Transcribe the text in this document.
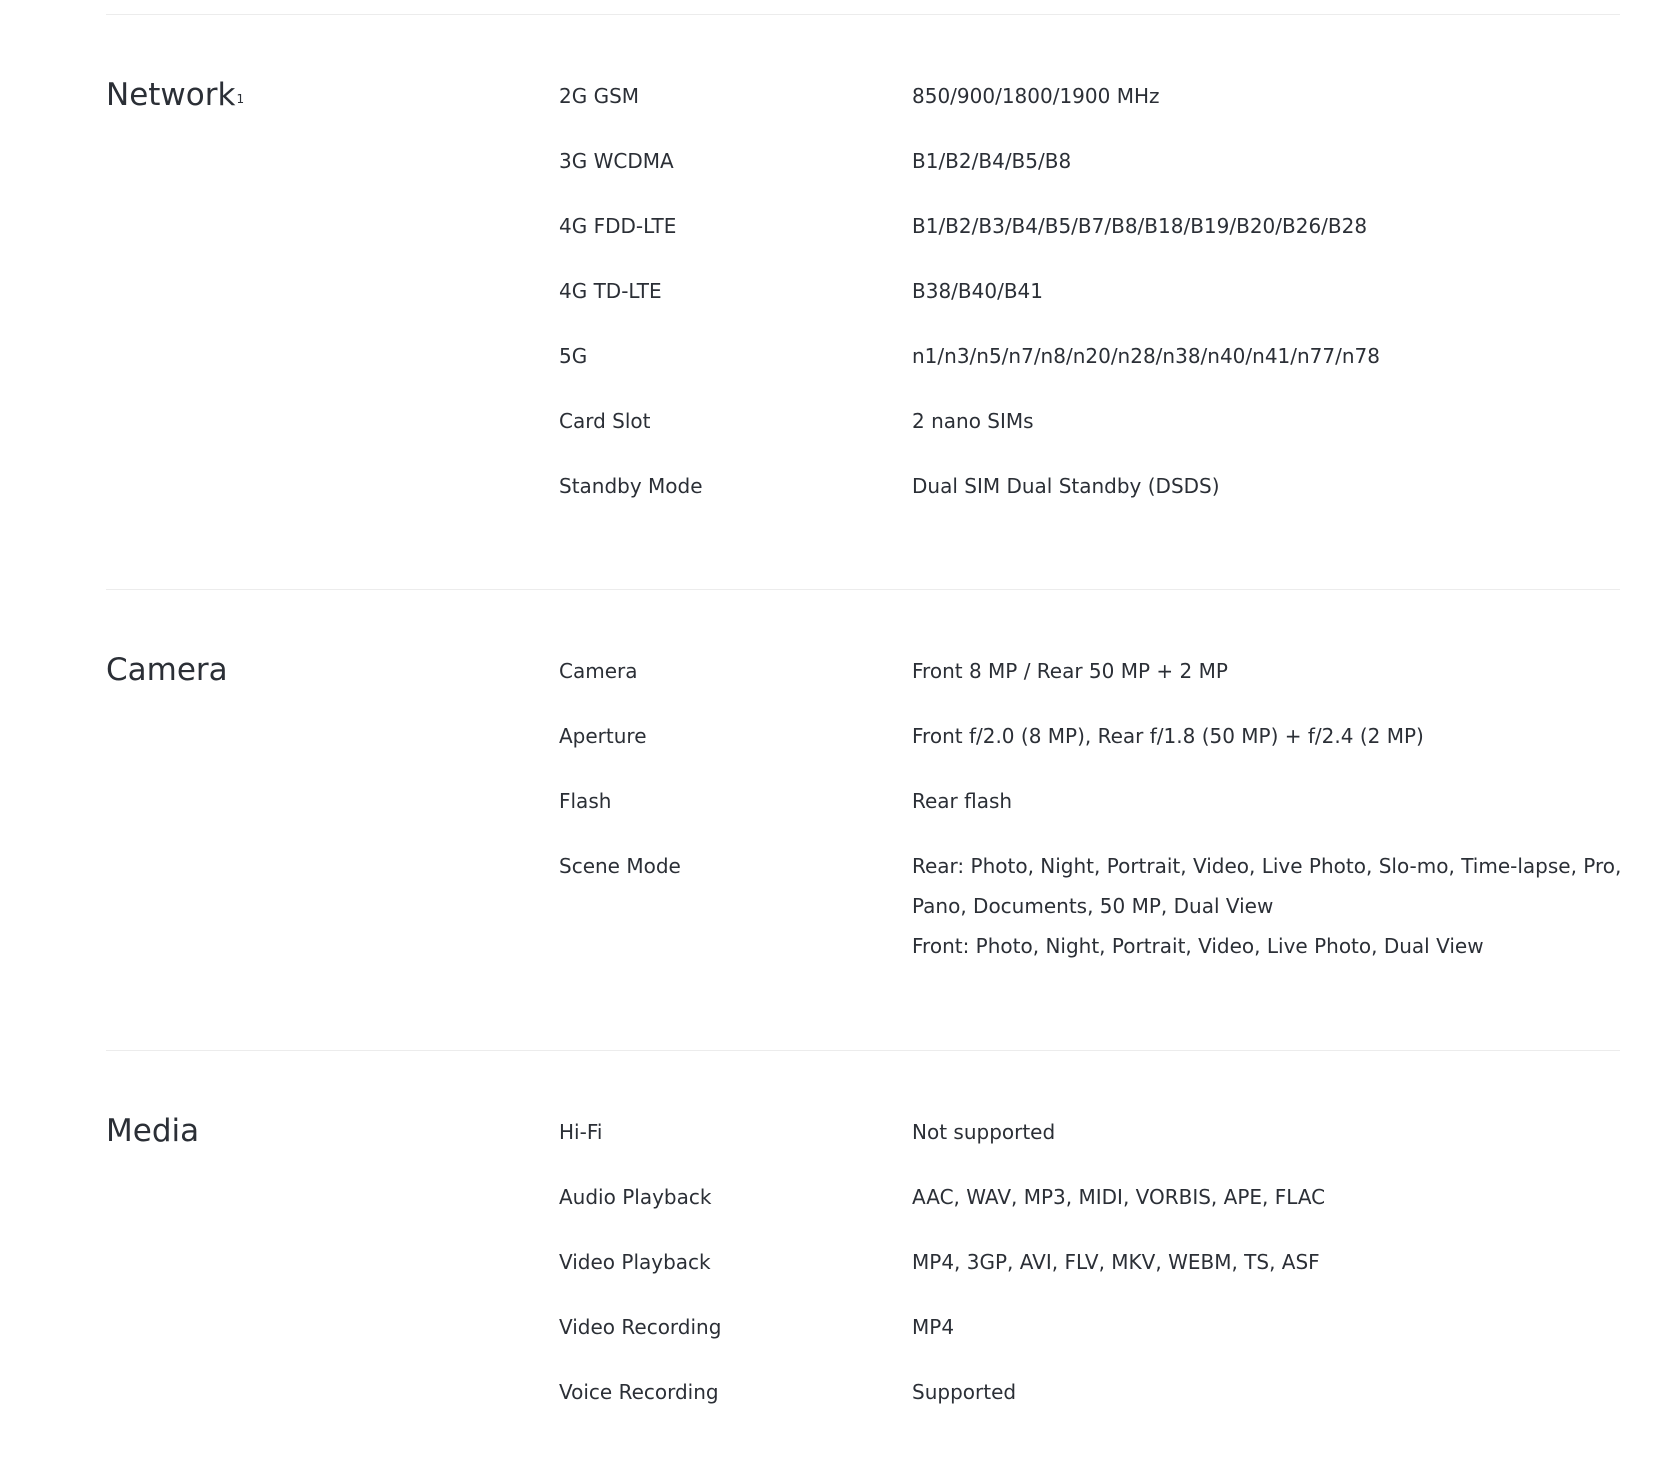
Network$^1$	2G GSM	850/900/1800/1900 MHz
3G WCDMA	B1/B2/B4/B5/B8
4G FDD-LTE	B1/B2/B3/B4/B5/B7/B8/B18/B19/B20/B26/B28
4G TD-LTE	B38/B40/B41
5G	n1/n3/n5/n7/n8/n20/n28/n38/n40/n41/n77/n78
Card Slot	2 nano SIMs
Standby Mode	Dual SIM Dual Standby (DSDS)
Camera	Camera	Front 8 MP / Rear 50 MP + 2 MP
Aperture	Front f/2.0 (8 MP), Rear f/1.8 (50 MP) + f/2.4 (2 MP)
Flash	Rear flash
Scene Mode	Rear: Photo, Night, Portrait, Video, Live Photo, Slo-mo, Time-lapse, Pro,
Pano, Documents, 50 MP, Dual View
Front: Photo, Night, Portrait, Video, Live Photo, Dual View
Media	Hi-Fi	Not supported
Audio Playback	AAC, WAV, MP3, MIDI, VORBIS, APE, FLAC
Video Playback	MP4, 3GP, AVI, FLV, MKV, WEBM, TS, ASF
Video Recording	MP4
Voice Recording	Supported
